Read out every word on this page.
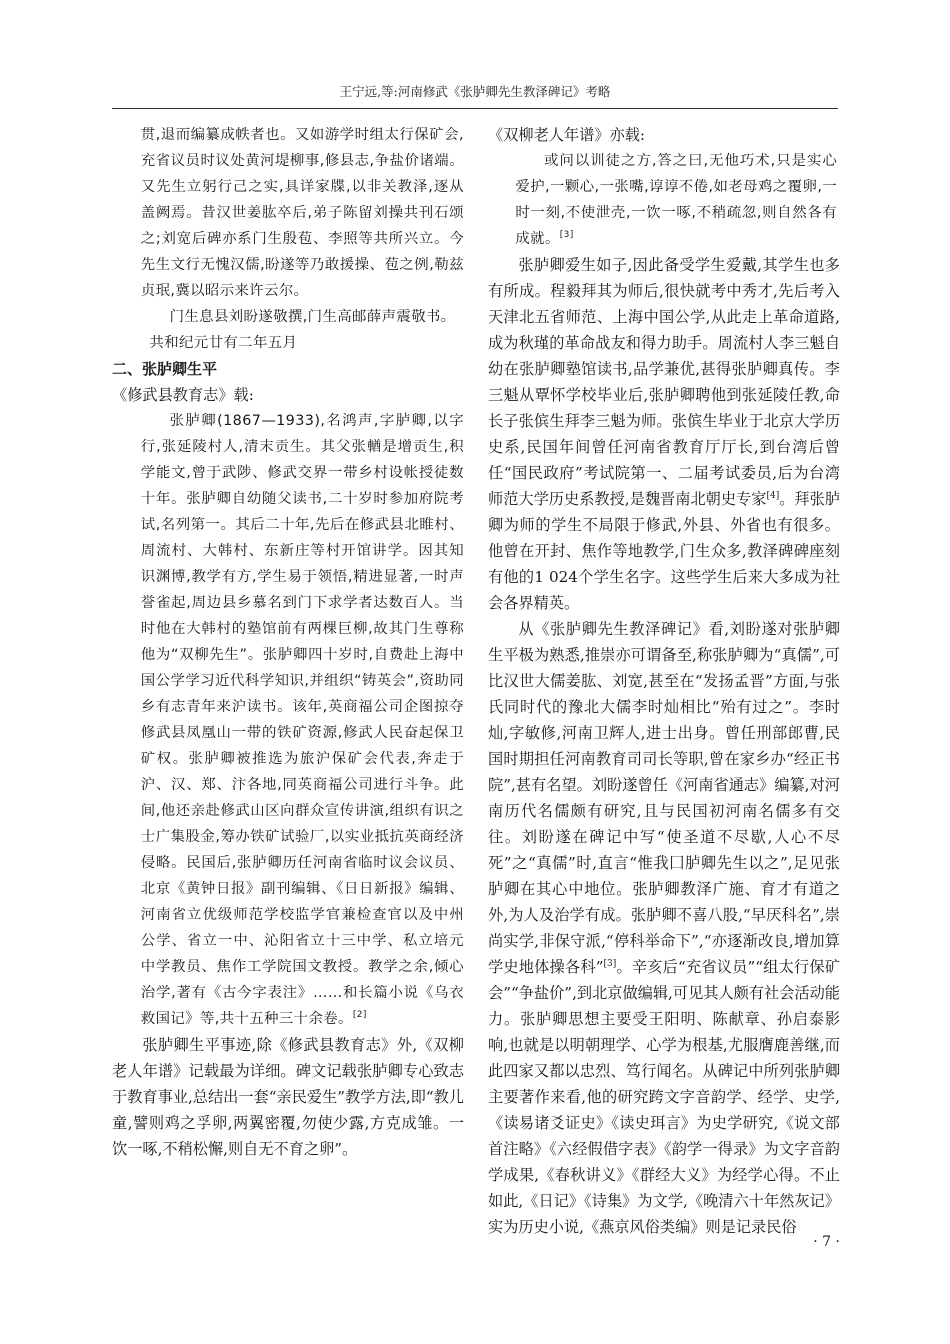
王宁远,等:河南修武《张胪卿先生教泽碑记》考略

贯,退而编纂成帙者也。又如游学时组太行保矿会,充省议员时议处黄河堤柳事,修县志,争盐价诸端。又先生立躬行己之实,具详家牒,以非关教泽,逐从盖阙焉。昔汉世姜肱卒后,弟子陈留刘操共刊石颂之;刘宽后碑亦系门生殷苞、李照等共所兴立。今先生文行无愧汉儒,盼遂等乃敢援操、苞之例,勒兹贞珉,冀以昭示来许云尔。

门生息县刘盼遂敬撰,门生高邮薛声震敬书。

共和纪元廿有二年五月

二、张胪卿生平

《修武县教育志》载:

张胪卿(1867—1933),名鸿声,字胪卿,以字行,张延陵村人,清末贡生。其父张輶是增贡生,积学能文,曾于武陟、修武交界一带乡村设帐授徒数十年。张胪卿自幼随父读书,二十岁时参加府院考试,名列第一。其后二十年,先后在修武县北睢村、周流村、大韩村、东新庄等村开馆讲学。因其知识渊博,教学有方,学生易于领悟,精进显著,一时声誉雀起,周边县乡慕名到门下求学者达数百人。当时他在大韩村的塾馆前有两棵巨柳,故其门生尊称他为“双柳先生”。张胪卿四十岁时,自费赴上海中国公学学习近代科学知识,并组织“铸英会”,资助同乡有志青年来沪读书。该年,英商福公司企图掠夺修武县凤凰山一带的铁矿资源,修武人民奋起保卫矿权。张胪卿被推选为旅沪保矿会代表,奔走于沪、汉、郑、汴各地,同英商福公司进行斗争。此间,他还亲赴修武山区向群众宣传讲演,组织有识之士广集股金,筹办铁矿试验厂,以实业抵抗英商经济侵略。民国后,张胪卿历任河南省临时议会议员、北京《黄钟日报》副刊编辑、《日日新报》编辑、河南省立优级师范学校监学官兼检查官以及中州公学、省立一中、沁阳省立十三中学、私立培元中学教员、焦作工学院国文教授。教学之余,倾心治学,著有《古今字表注》……和长篇小说《乌衣救国记》等,共十五种三十余卷。[2]

张胪卿生平事迹,除《修武县教育志》外,《双柳老人年谱》记载最为详细。碑文记载张胪卿专心致志于教育事业,总结出一套“亲民爱生”教学方法,即“教儿童,譬则鸡之孚卵,两翼密覆,勿使少露,方克成雏。一饮一啄,不稍松懈,则自无不育之卵”。

《双柳老人年谱》亦载:

或问以训徒之方,答之曰,无他巧术,只是实心爱护,一颗心,一张嘴,谆谆不倦,如老母鸡之覆卵,一时一刻,不使泄壳,一饮一啄,不稍疏忽,则自然各有成就。[3]

张胪卿爱生如子,因此备受学生爱戴,其学生也多有所成。程毅拜其为师后,很快就考中秀才,先后考入天津北五省师范、上海中国公学,从此走上革命道路,成为秋瑾的革命战友和得力助手。周流村人李三魁自幼在张胪卿塾馆读书,品学兼优,甚得张胪卿真传。李三魁从覃怀学校毕业后,张胪卿聘他到张延陵任教,命长子张傧生拜李三魁为师。张傧生毕业于北京大学历史系,民国年间曾任河南省教育厅厅长,到台湾后曾任“国民政府”考试院第一、二届考试委员,后为台湾师范大学历史系教授,是魏晋南北朝史专家[4]。拜张胪卿为师的学生不局限于修武,外县、外省也有很多。他曾在开封、焦作等地教学,门生众多,教泽碑碑座刻有他的1 024个学生名字。这些学生后来大多成为社会各界精英。

从《张胪卿先生教泽碑记》看,刘盼遂对张胪卿生平极为熟悉,推崇亦可谓备至,称张胪卿为“真儒”,可比汉世大儒姜肱、刘宽,甚至在“发扬孟晋”方面,与张氏同时代的豫北大儒李时灿相比“殆有过之”。李时灿,字敏修,河南卫辉人,进士出身。曾任刑部郎曹,民国时期担任河南教育司司长等职,曾在家乡办“经正书院”,甚有名望。刘盼遂曾任《河南省通志》编纂,对河南历代名儒颇有研究,且与民国初河南名儒多有交往。刘盼遂在碑记中写“使圣道不尽歇,人心不尽死”之“真儒”时,直言“惟我囗胪卿先生以之”,足见张胪卿在其心中地位。张胪卿教泽广施、育才有道之外,为人及治学有成。张胪卿不喜八股,“早厌科名”,崇尚实学,非保守派,“停科举命下”,“亦逐渐改良,增加算学史地体操各科”[3]。辛亥后“充省议员”“组太行保矿会”“争盐价”,到北京做编辑,可见其人颇有社会活动能力。张胪卿思想主要受王阳明、陈献章、孙启泰影响,也就是以明朝理学、心学为根基,尤服膺鹿善继,而此四家又都以忠烈、笃行闻名。从碑记中所列张胪卿主要著作来看,他的研究跨文字音韵学、经学、史学,《读易诸爻证史》《读史珥言》为史学研究,《说文部首注略》《六经假借字表》《韵学一得录》为文字音韵学成果,《春秋讲义》《群经大义》为经学心得。不止如此,《日记》《诗集》为文学,《晚清六十年然灰记》实为历史小说,《燕京风俗类编》则是记录民俗

· 7 ·
